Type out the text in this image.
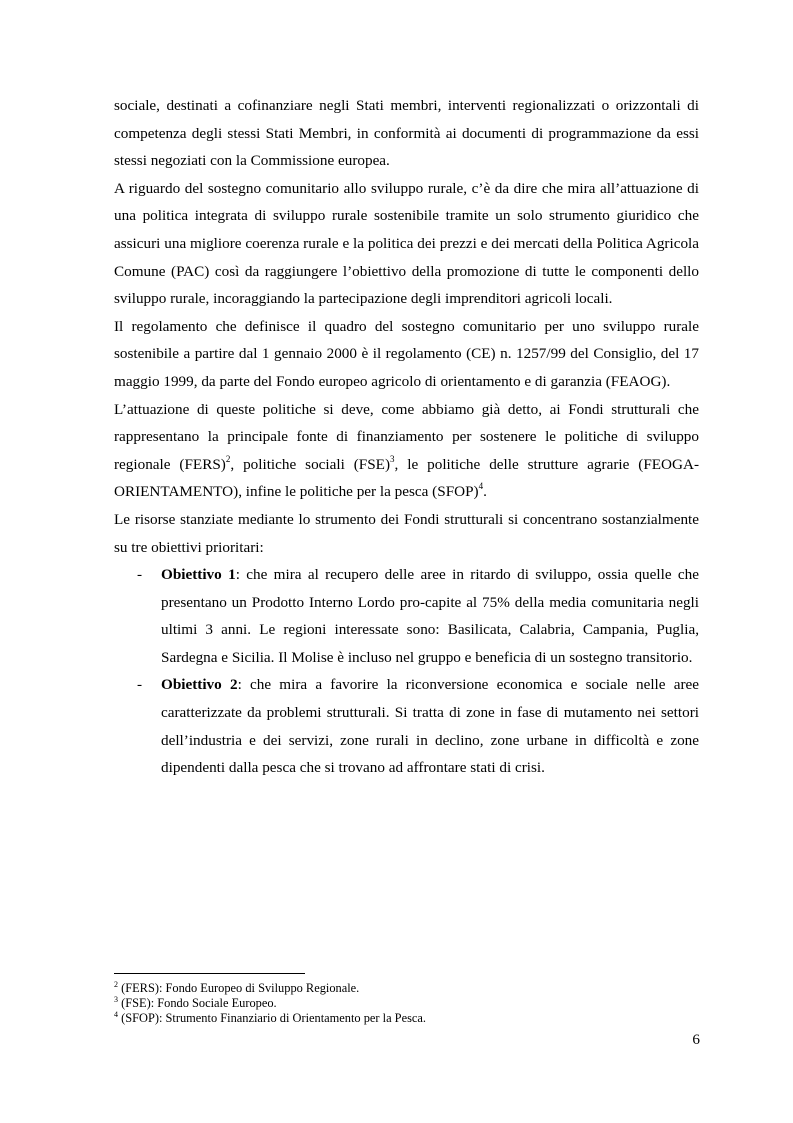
sociale, destinati a cofinanziare negli Stati membri, interventi regionalizzati o orizzontali di competenza degli stessi Stati Membri, in conformità ai documenti di programmazione da essi stessi negoziati con la Commissione europea.

A riguardo del sostegno comunitario allo sviluppo rurale, c’è da dire che mira all’attuazione di una politica integrata di sviluppo rurale sostenibile tramite un solo strumento giuridico che assicuri una migliore coerenza rurale e la politica dei prezzi e dei mercati della Politica Agricola Comune (PAC) così da raggiungere l’obiettivo della promozione di tutte le componenti dello sviluppo rurale, incoraggiando la partecipazione degli imprenditori agricoli locali.

Il regolamento che definisce il quadro del sostegno comunitario per uno sviluppo rurale sostenibile a partire dal 1 gennaio 2000 è il regolamento (CE) n. 1257/99 del Consiglio, del 17 maggio 1999, da parte del Fondo europeo agricolo di orientamento e di garanzia (FEAOG).

L’attuazione di queste politiche si deve, come abbiamo già detto, ai Fondi strutturali che rappresentano la principale fonte di finanziamento per sostenere le politiche di sviluppo regionale (FERS)$^2$, politiche sociali (FSE)$^3$, le politiche delle strutture agrarie (FEOGA-ORIENTAMENTO), infine le politiche per la pesca (SFOP)$^4$.

Le risorse stanziate mediante lo strumento dei Fondi strutturali si concentrano sostanzialmente su tre obiettivi prioritari:

- Obiettivo 1: che mira al recupero delle aree in ritardo di sviluppo, ossia quelle che presentano un Prodotto Interno Lordo pro-capite al 75% della media comunitaria negli ultimi 3 anni. Le regioni interessate sono: Basilicata, Calabria, Campania, Puglia, Sardegna e Sicilia. Il Molise è incluso nel gruppo e beneficia di un sostegno transitorio.
- Obiettivo 2: che mira a favorire la riconversione economica e sociale nelle aree caratterizzate da problemi strutturali. Si tratta di zone in fase di mutamento nei settori dell’industria e dei servizi, zone rurali in declino, zone urbane in difficoltà e zone dipendenti dalla pesca che si trovano ad affrontare stati di crisi.
$^2$ (FERS): Fondo Europeo di Sviluppo Regionale.
$^3$ (FSE): Fondo Sociale Europeo.
$^4$ (SFOP): Strumento Finanziario di Orientamento per la Pesca.
6
